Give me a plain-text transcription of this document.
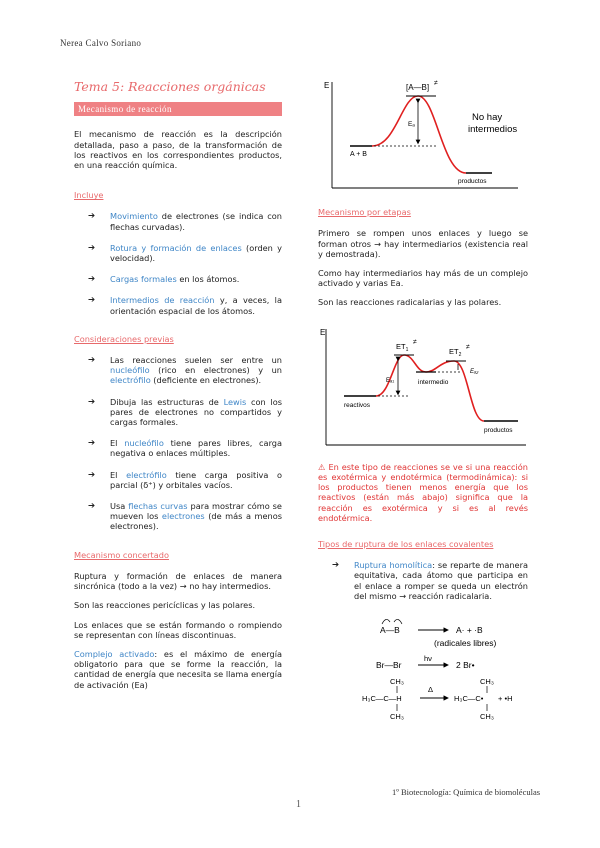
Nerea Calvo Soriano
Tema 5: Reacciones orgánicas
Mecanismo de reacción

El mecanismo de reacción es la descripción detallada, paso a paso, de la transformación de los reactivos en los correspondientes productos, en una reacción química.

Incluye
➔ Movimiento de electrones (se indica con flechas curvadas).
➔ Rotura y formación de enlaces (orden y velocidad).
➔ Cargas formales en los átomos.
➔ Intermedios de reacción y, a veces, la orientación espacial de los átomos.
Consideraciones previas
➔ Las reacciones suelen ser entre un nucleófilo (rico en electrones) y un electrófilo (deficiente en electrones).
➔ Dibuja las estructuras de Lewis con los pares de electrones no compartidos y cargas formales.
➔ El nucleófilo tiene pares libres, carga negativa o enlaces múltiples.
➔ El electrófilo tiene carga positiva o parcial (δ⁺) y orbitales vacíos.
➔ Usa flechas curvas para mostrar cómo se mueven los electrones (de más a menos electrones).
Mecanismo concertado

Ruptura y formación de enlaces de manera sincrónica (todo a la vez) → no hay intermedios.

Son las reacciones pericíclicas y las polares.

Los enlaces que se están formando o rompiendo se representan con líneas discontinuas.

Complejo activado: es el máximo de energía obligatorio para que se forme la reacción, la cantidad de energía que necesita se llama energía de activación (Ea)

E
Eₐ
[A—B] ≠
A + B
productos
No hay
intermedios
Mecanismo por etapas

Primero se rompen unos enlaces y luego se forman otros → hay intermediarios (existencia real y demostrada).

Como hay intermediarios hay más de un complejo activado y varias Ea.

Son las reacciones radicalarias y las polares.

E
Eₐ₁
Eₐ₂
$ET_1$
≠
$ET_2$
≠
intermedio
reactivos
productos

⚠ En este tipo de reacciones se ve si una reacción es exotérmica y endotérmica (termodinámica): si los productos tienen menos energía que los reactivos (están más abajo) significa que la reacción es exotérmica y si es al revés endotérmica.

Tipos de ruptura de los enlaces covalentes
➔ Ruptura homolítica: se reparte de manera equitativa, cada átomo que participa en el enlace a romper se queda un electrón del mismo → reacción radicalaria.
A—B	A· + ·B
(radicales libres)
Br—Br
hν
2 Br•
CH₃
H₃C—C—H
CH₃
Δ
CH₃
H₃C—C• + •H
CH₃
1º Biotecnología: Química de biomoléculas
1
